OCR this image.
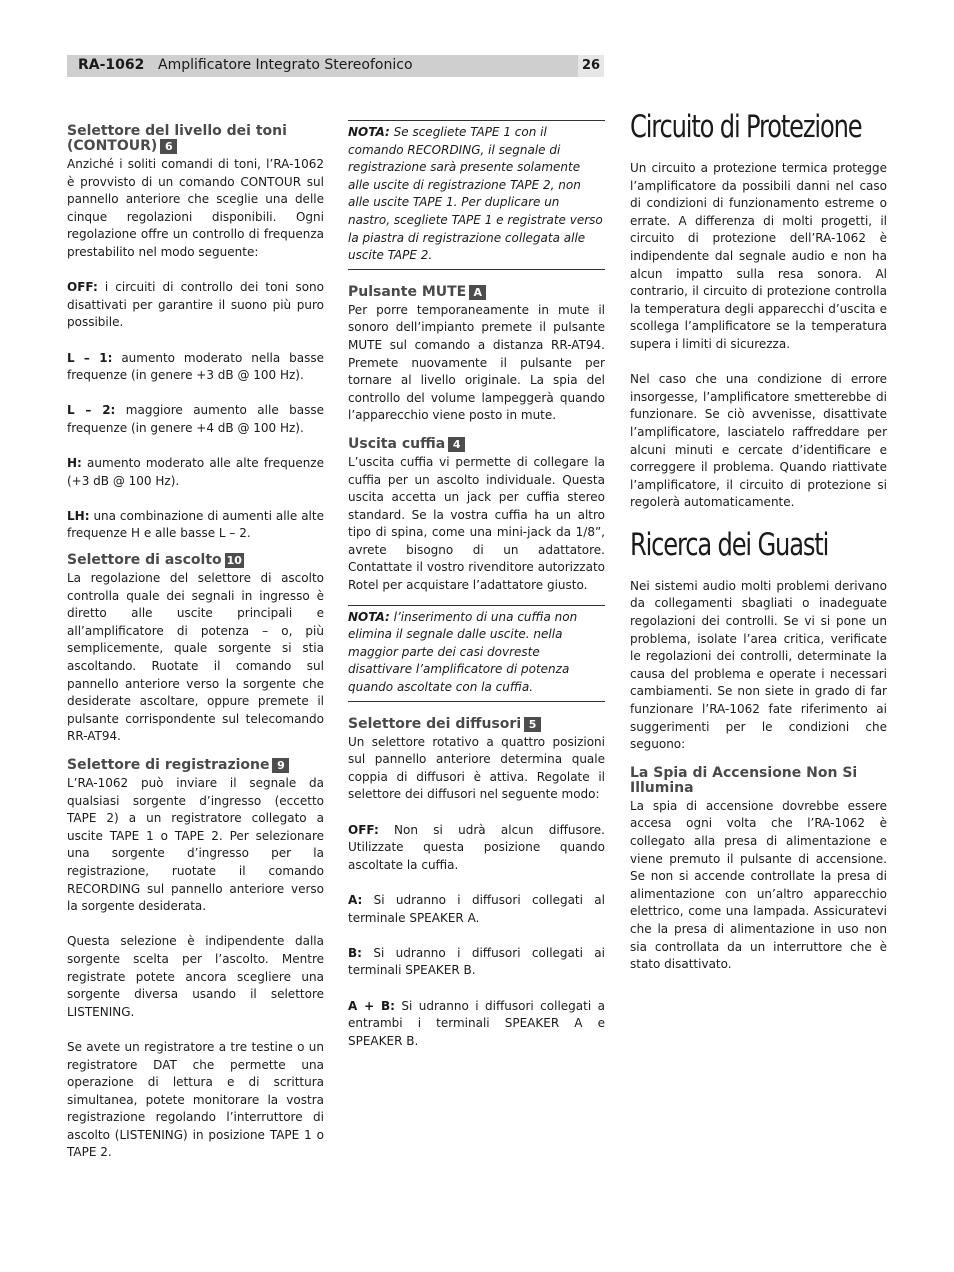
RA-1062 Amplificatore Integrato Stereofonico	26
Selettore del livello dei toni (CONTOUR) 6

Anziché i soliti comandi di toni, l’RA-1062 è provvisto di un comando CONTOUR sul pannello anteriore che sceglie una delle cinque regolazioni disponibili. Ogni regolazione offre un controllo di frequenza prestabilito nel modo seguente:

OFF: i circuiti di controllo dei toni sono disattivati per garantire il suono più puro possibile.

L – 1: aumento moderato nella basse frequenze (in genere +3 dB @ 100 Hz).

L – 2: maggiore aumento alle basse frequenze (in genere +4 dB @ 100 Hz).

H: aumento moderato alle alte frequenze (+3 dB @ 100 Hz).

LH: una combinazione di aumenti alle alte frequenze H e alle basse L – 2.

Selettore di ascolto 10

La regolazione del selettore di ascolto controlla quale dei segnali in ingresso è diretto alle uscite principali e all’amplificatore di potenza – o, più semplicemente, quale sorgente si stia ascoltando. Ruotate il comando sul pannello anteriore verso la sorgente che desiderate ascoltare, oppure premete il pulsante corrispondente sul telecomando RR-AT94.

Selettore di registrazione 9

L’RA-1062 può inviare il segnale da qualsiasi sorgente d’ingresso (eccetto TAPE 2) a un registratore collegato a uscite TAPE 1 o TAPE 2. Per selezionare una sorgente d’ingresso per la registrazione, ruotate il comando RECORDING sul pannello anteriore verso la sorgente desiderata.

Questa selezione è indipendente dalla sorgente scelta per l’ascolto. Mentre registrate potete ancora scegliere una sorgente diversa usando il selettore LISTENING.

Se avete un registratore a tre testine o un registratore DAT che permette una operazione di lettura e di scrittura simultanea, potete monitorare la vostra registrazione regolando l’interruttore di ascolto (LISTENING) in posizione TAPE 1 o TAPE 2.

NOTA: Se scegliete TAPE 1 con il comando RECORDING, il segnale di registrazione sarà presente solamente alle uscite di registrazione TAPE 2, non alle uscite TAPE 1. Per duplicare un nastro, scegliete TAPE 1 e registrate verso la piastra di registrazione collegata alle uscite TAPE 2.

Pulsante MUTE A

Per porre temporaneamente in mute il sonoro dell’impianto premete il pulsante MUTE sul comando a distanza RR-AT94. Premete nuovamente il pulsante per tornare al livello originale. La spia del controllo del volume lampeggerà quando l’apparecchio viene posto in mute.

Uscita cuffia 4

L’uscita cuffia vi permette di collegare la cuffia per un ascolto individuale. Questa uscita accetta un jack per cuffia stereo standard. Se la vostra cuffia ha un altro tipo di spina, come una mini-jack da 1/8”, avrete bisogno di un adattatore. Contattate il vostro rivenditore autorizzato Rotel per acquistare l’adattatore giusto.

NOTA: l’inserimento di una cuffia non elimina il segnale dalle uscite. nella maggior parte dei casi dovreste disattivare l’amplificatore di potenza quando ascoltate con la cuffia.

Selettore dei diffusori 5

Un selettore rotativo a quattro posizioni sul pannello anteriore determina quale coppia di diffusori è attiva. Regolate il selettore dei diffusori nel seguente modo:

OFF: Non si udrà alcun diffusore. Utilizzate questa posizione quando ascoltate la cuffia.

A: Si udranno i diffusori collegati al terminale SPEAKER A.

B: Si udranno i diffusori collegati ai terminali SPEAKER B.

A + B: Si udranno i diffusori collegati a entrambi i terminali SPEAKER A e SPEAKER B.

Circuito di Protezione

Un circuito a protezione termica protegge l’amplificatore da possibili danni nel caso di condizioni di funzionamento estreme o errate. A differenza di molti progetti, il circuito di protezione dell’RA-1062 è indipendente dal segnale audio e non ha alcun impatto sulla resa sonora. Al contrario, il circuito di protezione controlla la temperatura degli apparecchi d’uscita e scollega l’amplificatore se la temperatura supera i limiti di sicurezza.

Nel caso che una condizione di errore insorgesse, l’amplificatore smetterebbe di funzionare. Se ciò avvenisse, disattivate l’amplificatore, lasciatelo raffreddare per alcuni minuti e cercate d’identificare e correggere il problema. Quando riattivate l’amplificatore, il circuito di protezione si regolerà automaticamente.

Ricerca dei Guasti

Nei sistemi audio molti problemi derivano da collegamenti sbagliati o inadeguate regolazioni dei controlli. Se vi si pone un problema, isolate l’area critica, verificate le regolazioni dei controlli, determinate la causa del problema e operate i necessari cambiamenti. Se non siete in grado di far funzionare l’RA-1062 fate riferimento ai suggerimenti per le condizioni che seguono:

La Spia di Accensione Non Si Illumina

La spia di accensione dovrebbe essere accesa ogni volta che l’RA-1062 è collegato alla presa di alimentazione e viene premuto il pulsante di accensione. Se non si accende controllate la presa di alimentazione con un’altro apparecchio elettrico, come una lampada. Assicuratevi che la presa di alimentazione in uso non sia controllata da un interruttore che è stato disattivato.
